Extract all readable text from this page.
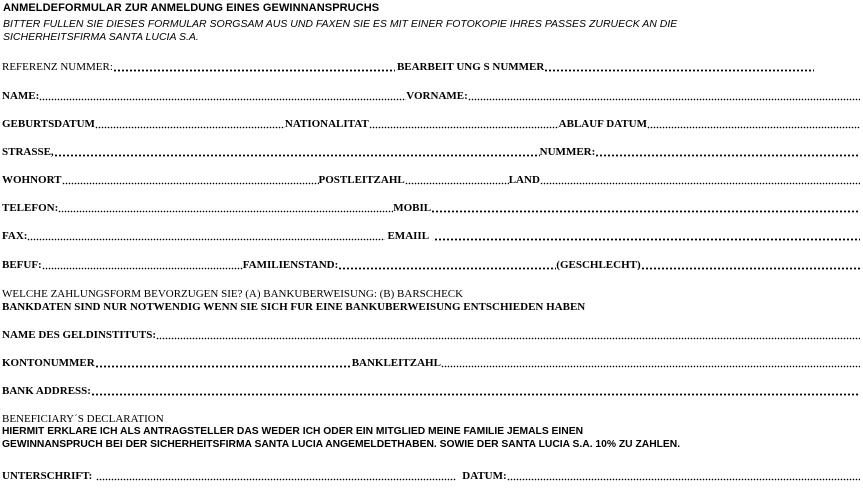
ANMELDEFORMULAR ZUR ANMELDUNG EINES GEWINNANSPRUCHS
BITTER FULLEN SIE DIESES FORMULAR SORGSAM AUS UND FAXEN SIE ES MIT EINER FOTOKOPIE IHRES PASSES ZURUECK AN DIE
SICHERHEITSFIRMA SANTA LUCIA S.A.
REFERENZ NUMMER:	BEARBEIT UNG S NUMMER
NAME:	VORNAME:
GEBURTSDATUM	NATIONALITAT	ABLAUF DATUM
STRASSE,	NUMMER:
WOHNORT	POSTLEITZAHL	LAND
TELEFON:	MOBIL
FAX:	EMAIIL
BEFUF:	FAMILIENSTAND:	(GESCHLECHT)
WELCHE ZAHLUNGSFORM BEVORZUGEN SIE? (A) BANKUBERWEISUNG: (B) BARSCHECK
BANKDATEN SIND NUR NOTWENDIG WENN SIE SICH FUR EINE BANKUBERWEISUNG ENTSCHIEDEN HABEN
NAME DES GELDINSTITUTS:
KONTONUMMER	BANKLEITZAHL
BANK ADDRESS:
BENEFICIARY´S DECLARATION
HIERMIT ERKLARE ICH ALS ANTRAGSTELLER DAS WEDER ICH ODER EIN MITGLIED MEINE FAMILIE JEMALS EINEN
GEWINNANSPRUCH BEI DER SICHERHEITSFIRMA SANTA LUCIA ANGEMELDETHABEN. SOWIE DER SANTA LUCIA S.A. 10% ZU ZAHLEN.
UNTERSCHRIFT:	DATUM:
